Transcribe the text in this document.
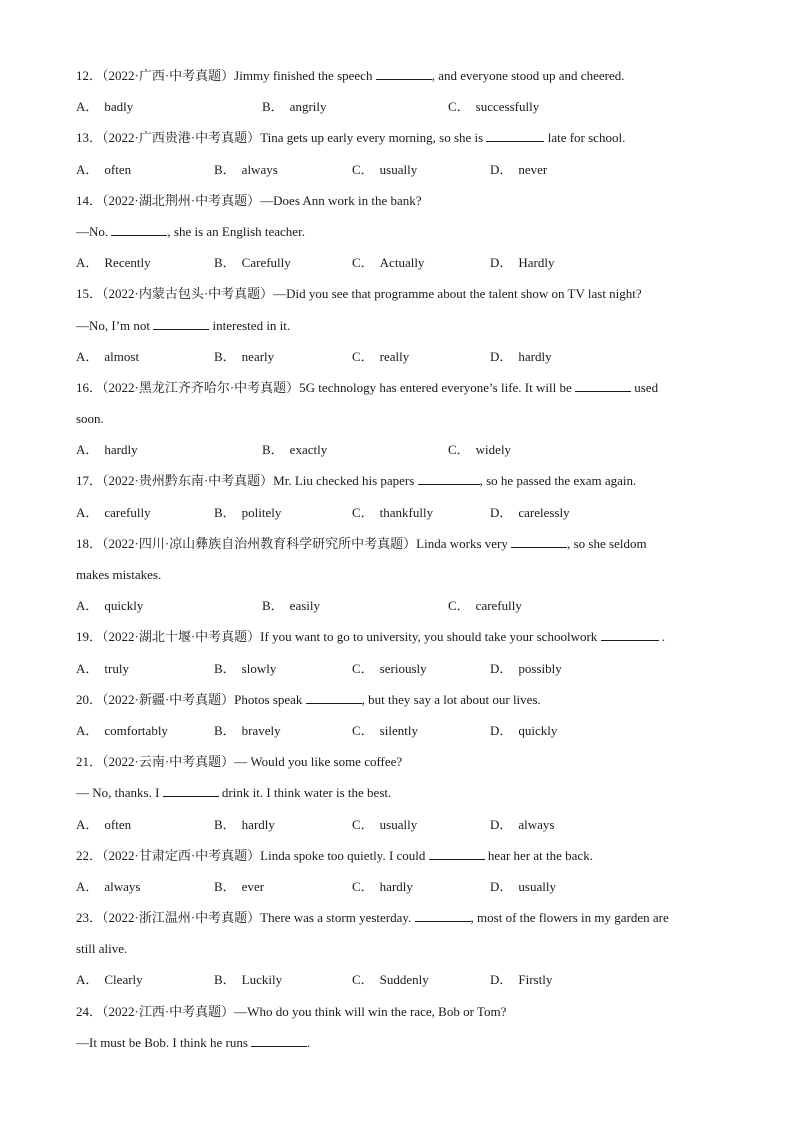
12．（2022·广西·中考真题）Jimmy finished the speech	, and everyone stood up and cheered.
A． badly	B． angrily	C． successfully
13．（2022·广西贵港·中考真题）Tina gets up early every morning, so she is	late for school.
A． often	B． always	C． usually	D． never
14．（2022·湖北荆州·中考真题）—Does Ann work in the bank?
—No.	, she is an English teacher.
A． Recently	B． Carefully	C． Actually	D． Hardly
15．（2022·内蒙古包头·中考真题）—Did you see that programme about the talent show on TV last night?
—No, I’m not	interested in it.
A． almost	B． nearly	C． really	D． hardly
16．（2022·黑龙江齐齐哈尔·中考真题）5G technology has entered everyone’s life. It will be	used
soon.
A． hardly	B． exactly	C． widely
17．（2022·贵州黔东南·中考真题）Mr. Liu checked his papers	, so he passed the exam again.
A． carefully	B． politely	C． thankfully	D． carelessly
18．（2022·四川·凉山彝族自治州教育科学研究所中考真题）Linda works very	, so she seldom
makes mistakes.
A． quickly	B． easily	C． carefully
19．（2022·湖北十堰·中考真题）If you want to go to university, you should take your schoolwork	.
A． truly	B． slowly	C． seriously	D． possibly
20．（2022·新疆·中考真题）Photos speak	, but they say a lot about our lives.
A． comfortably	B． bravely	C． silently	D． quickly
21．（2022·云南·中考真题）— Would you like some coffee?
— No, thanks. I	drink it. I think water is the best.
A． often	B． hardly	C． usually	D． always
22．（2022·甘肃定西·中考真题）Linda spoke too quietly. I could	hear her at the back.
A． always	B． ever	C． hardly	D． usually
23．（2022·浙江温州·中考真题）There was a storm yesterday.	, most of the flowers in my garden are
still alive.
A． Clearly	B． Luckily	C． Suddenly	D． Firstly
24．（2022·江西·中考真题）—Who do you think will win the race, Bob or Tom?
—It must be Bob. I think he runs	.
